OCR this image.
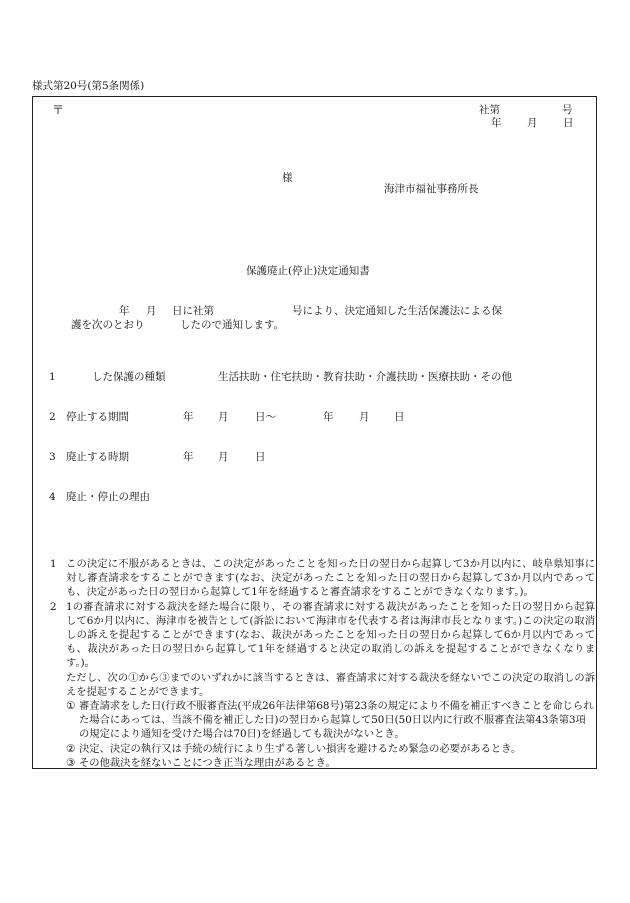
様式第20号(第5条関係)
〒	社第	号
年 月 日
様
海津市福祉事務所長
保護廃止(停止)決定通知書
年 月 日に社第	号により、決定通知した生活保護法による保
護を次のとおり	したので通知します。
1	した保護の種類	生活扶助・住宅扶助・教育扶助・介護扶助・医療扶助・その他
2 停止する期間	年 月	日～	年 月 日
3 廃止する時期	年 月	日
4 廃止・停止の理由
1 この決定に不服があるときは、この決定があったことを知った日の翌日から起算して3か月以内に、岐阜県知事に対し審査請求をすることができます(なお、決定があったことを知った日の翌日から起算して3か月以内であっても、決定があった日の翌日から起算して1年を経過すると審査請求をすることができなくなります。)。
2 1の審査請求に対する裁決を経た場合に限り、その審査請求に対する裁決があったことを知った日の翌日から起算して6か月以内に、海津市を被告として(訴訟において海津市を代表する者は海津市長となります。)この決定の取消しの訴えを提起することができます(なお、裁決があったことを知った日の翌日から起算して6か月以内であっても、裁決があった日の翌日から起算して1年を経過すると決定の取消しの訴えを提起することができなくなります。)。
ただし、次の①から③までのいずれかに該当するときは、審査請求に対する裁決を経ないでこの決定の取消しの訴えを提起することができます。
① 審査請求をした日(行政不服審査法(平成26年法律第68号)第23条の規定により不備を補正すべきことを命じられた場合にあっては、当該不備を補正した日)の翌日から起算して50日(50日以内に行政不服審査法第43条第3項の規定により通知を受けた場合は70日)を経過しても裁決がないとき。
② 決定、決定の執行又は手続の続行により生ずる著しい損害を避けるため緊急の必要があるとき。
③ その他裁決を経ないことにつき正当な理由があるとき。
